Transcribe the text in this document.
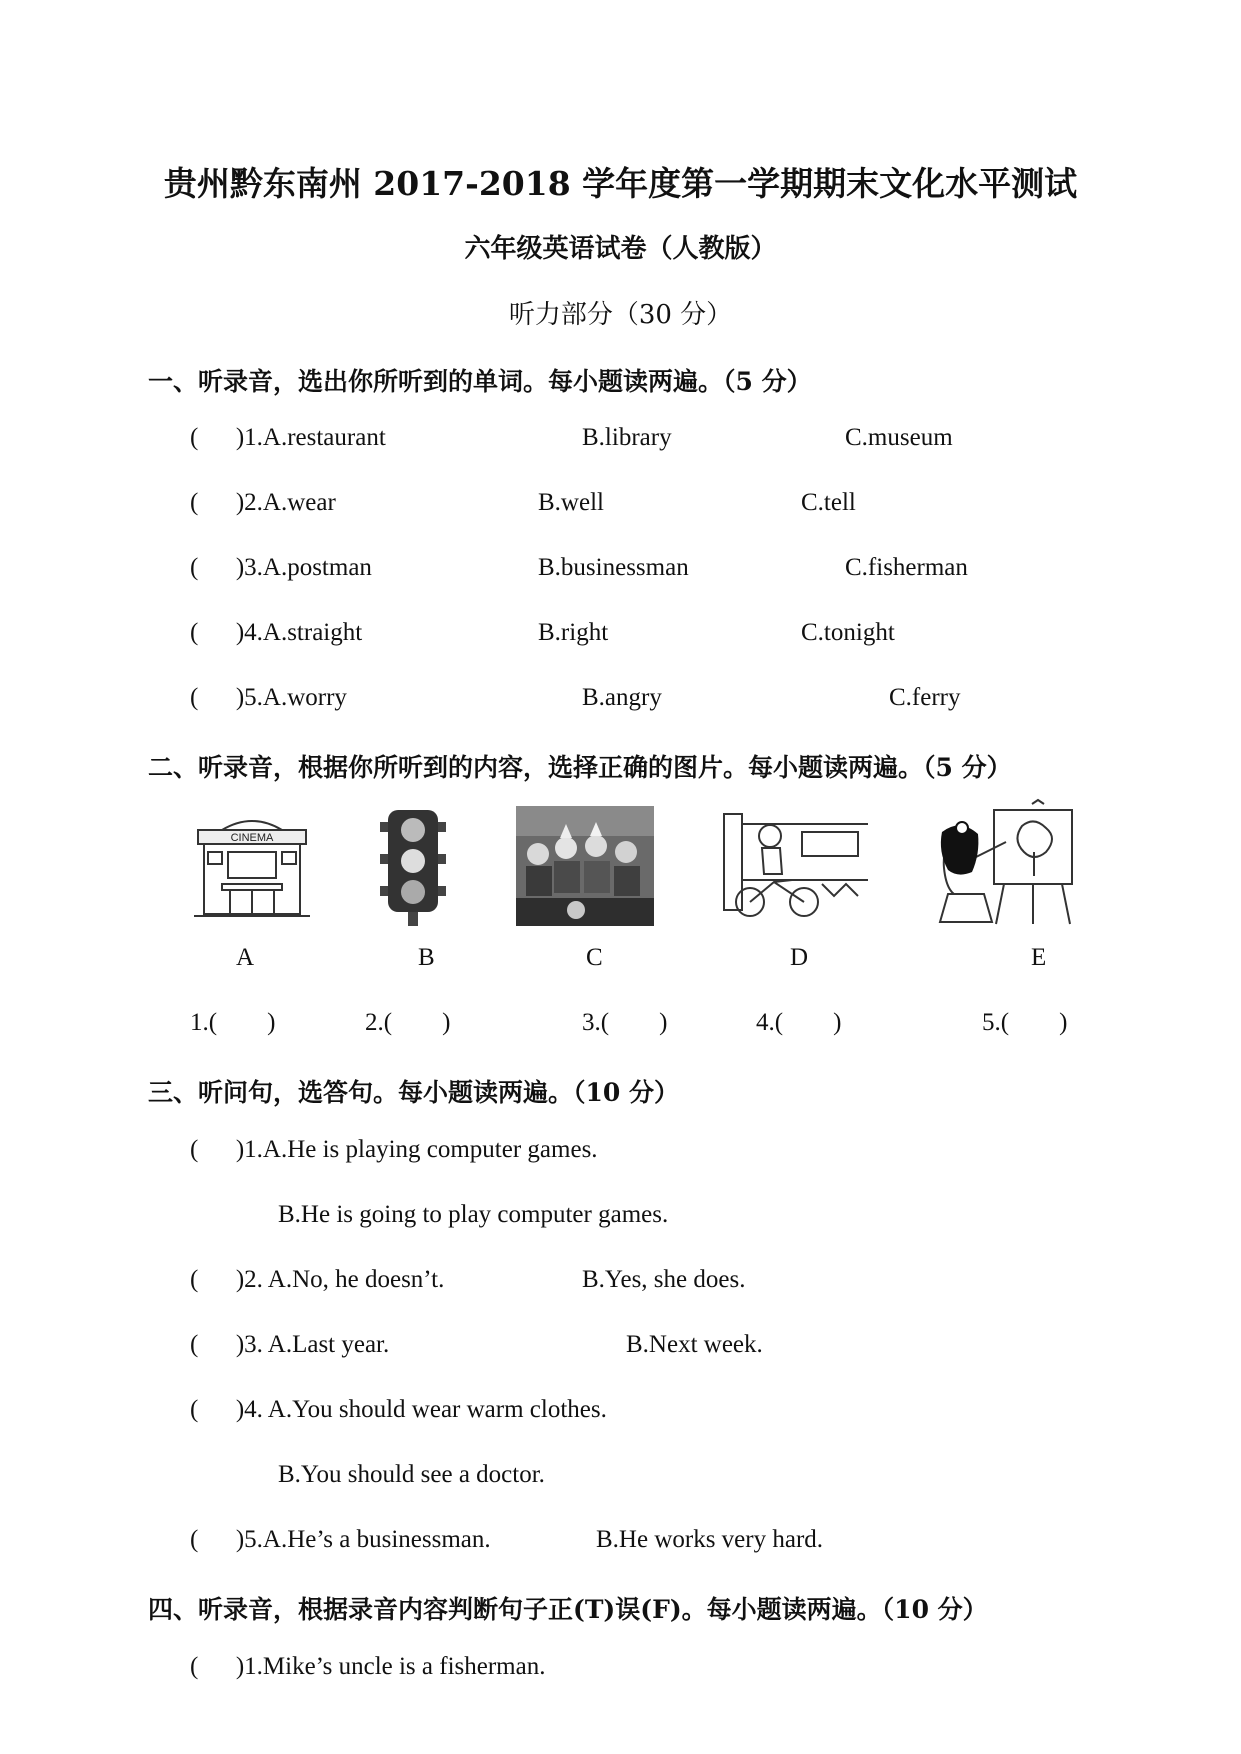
贵州黔东南州 2017-2018 学年度第一学期期末文化水平测试
六年级英语试卷（人教版）
听力部分（30 分）
一、听录音，选出你所听到的单词。每小题读两遍。（5 分）
(      )1.A.restaurant	B.library	C.museum
(      )2.A.wear	B.well	C.tell
(      )3.A.postman	B.businessman	C.fisherman
(      )4.A.straight	B.right	C.tonight
(      )5.A.worry	B.angry	C.ferry
二、听录音，根据你所听到的内容，选择正确的图片。每小题读两遍。（5 分）
CINEMA
A	B	C	D	E
1.(        )	2.(        )	3.(        )	4.(        )	5.(        )
三、听问句，选答句。每小题读两遍。（10 分）
(      )1.A.He is playing computer games.
B.He is going to play computer games.
(      )2. A.No, he doesn’t.	B.Yes, she does.
(      )3. A.Last year.	B.Next week.
(      )4. A.You should wear warm clothes.
B.You should see a doctor.
(      )5.A.He’s a businessman.	B.He works very hard.
四、听录音，根据录音内容判断句子正(T)误(F)。每小题读两遍。（10 分）
(      )1.Mike’s uncle is a fisherman.
